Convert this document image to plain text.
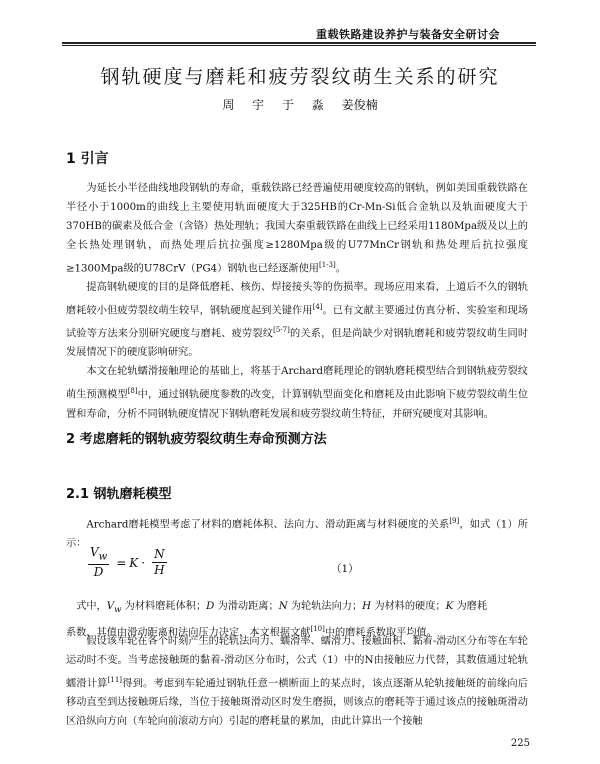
重载铁路建设养护与装备安全研讨会
钢轨硬度与磨耗和疲劳裂纹萌生关系的研究
周 宇 于 淼 姜俊楠
1 引言

为延长小半径曲线地段钢轨的寿命，重载铁路已经普遍使用硬度较高的钢轨，例如美国重载铁路在半径小于1000m的曲线上主要使用轨面硬度大于325HB的Cr-Mn-Si低合金轨以及轨面硬度大于370HB的碳素及低合金（含铬）热处理轨；我国大秦重载铁路在曲线上已经采用1180Mpa级及以上的全长热处理钢轨，而热处理后抗拉强度≥1280Mpa级的U77MnCr钢轨和热处理后抗拉强度≥1300Mpa级的U78CrV（PG4）钢轨也已经逐渐使用[1-3]。

提高钢轨硬度的目的是降低磨耗、核伤、焊接接头等的伤损率。现场应用来看，上道后不久的钢轨磨耗较小但疲劳裂纹萌生较早，钢轨硬度起到关键作用[4]。已有文献主要通过仿真分析、实验室和现场试验等方法来分别研究硬度与磨耗、疲劳裂纹[5-7]的关系，但是尚缺少对钢轨磨耗和疲劳裂纹萌生同时发展情况下的硬度影响研究。

本文在轮轨蠕滑接触理论的基础上，将基于Archard磨耗理论的钢轨磨耗模型结合到钢轨疲劳裂纹萌生预测模型[8]中，通过钢轨硬度参数的改变，计算钢轨型面变化和磨耗及由此影响下疲劳裂纹萌生位置和寿命，分析不同钢轨硬度情况下钢轨磨耗发展和疲劳裂纹萌生特征，并研究硬度对其影响。

2 考虑磨耗的钢轨疲劳裂纹萌生寿命预测方法
2.1 钢轨磨耗模型

Archard磨耗模型考虑了材料的磨耗体积、法向力、滑动距离与材料硬度的关系[9]，如式（1）所示：

$\frac{V_w}{D} = K \cdot \frac{N}{H}$	（1）

式中，$V_w$ 为材料磨耗体积；D 为滑动距离；N 为轮轨法向力；H 为材料的硬度；K 为磨耗

系数，其值由滑动距离和法向压力决定，本文根据文献[10]中的磨耗系数取平均值。

假设该车轮在各个时刻产生的轮轨法向力、蠕滑率、蠕滑力、接触面积、黏着-滑动区分布等在车轮运动时不变。当考虑接触斑的黏着-滑动区分布时，公式（1）中的N由接触应力代替，其数值通过轮轨蠕滑计算[11]得到。考虑到车轮通过钢轨任意一横断面上的某点时，该点逐渐从轮轨接触斑的前缘向后移动直至到达接触斑后缘，当位于接触斑滑动区时发生磨损，则该点的磨耗等于通过该点的接触斑滑动区沿纵向方向（车轮向前滚动方向）引起的磨耗量的累加，由此计算出一个接触

225
